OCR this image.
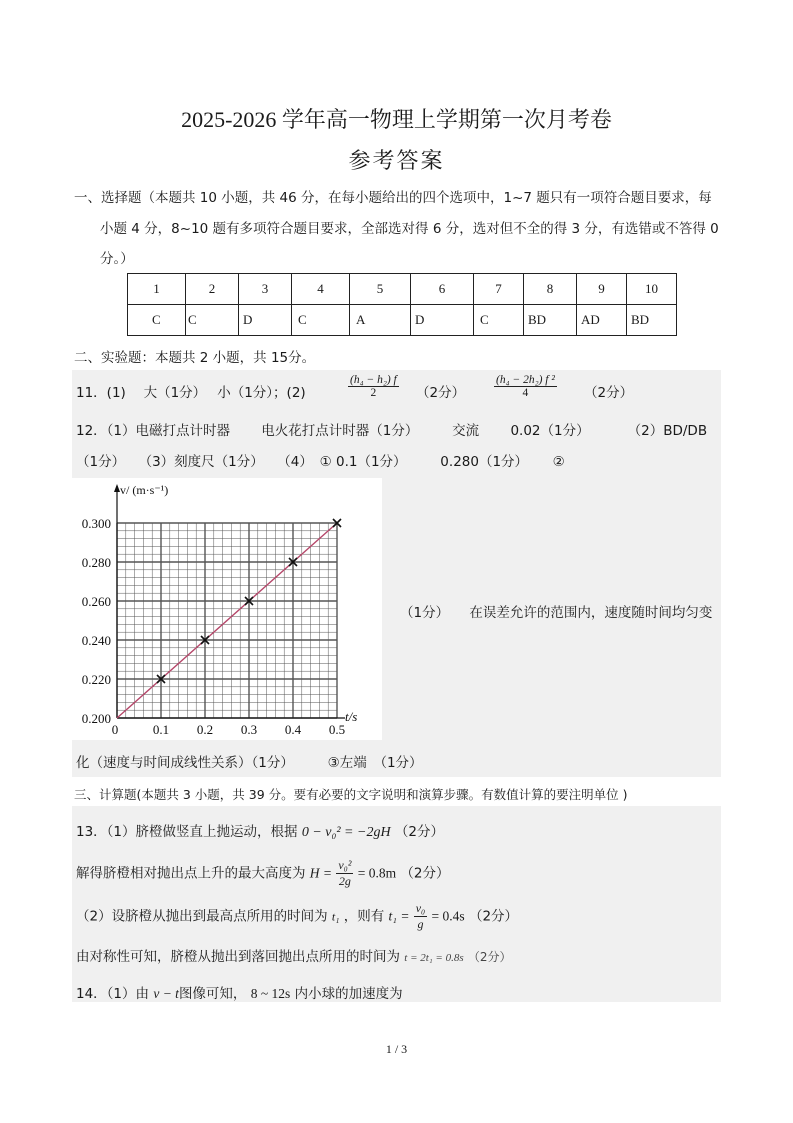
2025-2026 学年高一物理上学期第一次月考卷
参考答案
一、选择题（本题共 10 小题，共 46 分，在每小题给出的四个选项中，1~7 题只有一项符合题目要求，每
小题 4 分，8~10 题有多项符合题目要求，全部选对得 6 分，选对但不全的得 3 分，有选错或不答得 0
分。）
1	2	3	4	5	6	7	8	9	10
C	C	D	C	A	D	C	BD	AD	BD
二、实验题：本题共 2 小题，共 15分。
11．(1)　 大（1分）　 小（1分）；(2)	$\frac{\text{(h₄ − h₂) f}}{2} (2$分）	$\frac{\text{(h₄ − 2h₂) f ²}}{4} (2$分）
12．（1）电磁打点计时器　　 电火花打点计时器（1分）　　　交流　　 0.02（1分）　　　 （2）BD/DB
（1分）　　（3）刻度尺（1分）　　（4）　① 0.1（1分）　　　0.280（1分）　　 ②
0	0.1 0.2 0.3 0.4 0.5
0.200
0.220
0.240
0.260
0.280
0.300
t/s
v/ (m·s⁻¹)
（1分）　　在误差允许的范围内，速度随时间均匀变
化（速度与时间成线性关系）（1分）　　　③左端　（1分）
三、计算题(本题共 3 小题，共 39 分。要有必要的文字说明和演算步骤。有数值计算的要注明单位 )
13．（1）脐橙做竖直上抛运动，根据 0 − v₀² = −2gH （2分）
解得脐橙相对抛出点上升的最大高度为 $H = \frac{\text{v₀²}}{2g} = 0.8m$ （2分）
（2）设脐橙从抛出到最高点所用的时间为 t₁ ，则有 $t_1 = \frac{\text{v₀}}{g} = 0.4s$ （2分）
由对称性可知，脐橙从抛出到落回抛出点所用的时间为 t = 2t₁ = 0.8s （2分）
14．（1）由 v − t图像可知， 8 ~ 12s 内小球的加速度为
1 / 3
